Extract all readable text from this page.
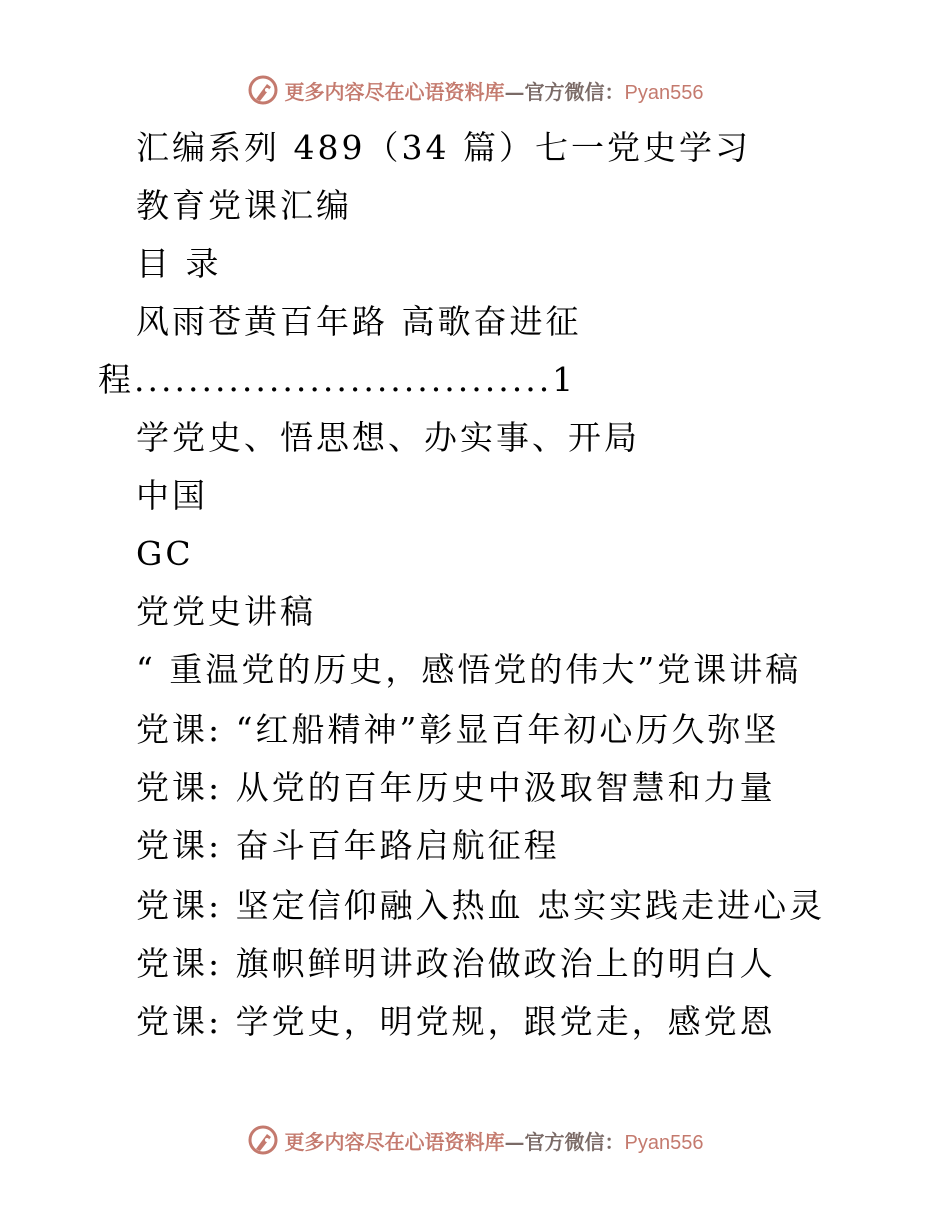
更多内容尽在心语资料库—官方微信：Pyan556
汇编系列 489（34 篇）七一党史学习
教育党课汇编
目 录
风雨苍黄百年路 高歌奋进征
程...............................1
学党史、悟思想、办实事、开局
中国
GC
党党史讲稿
“ 重温党的历史，感悟党的伟大”党课讲稿
党课: “红船精神”彰显百年初心历久弥坚
党课: 从党的百年历史中汲取智慧和力量
党课: 奋斗百年路启航征程
党课: 坚定信仰融入热血 忠实实践走进心灵
党课: 旗帜鲜明讲政治做政治上的明白人
党课: 学党史，明党规，跟党走，感党恩
更多内容尽在心语资料库—官方微信：Pyan556
